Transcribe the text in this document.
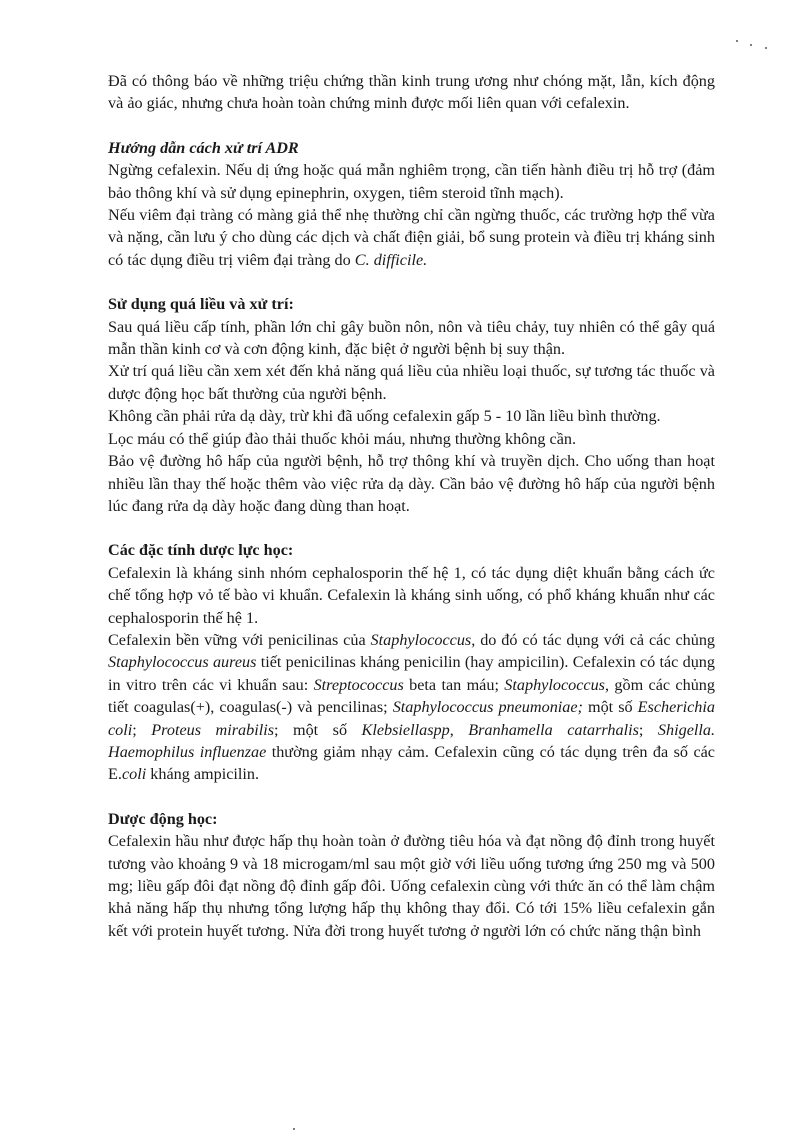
Đã có thông báo về những triệu chứng thần kinh trung ương như chóng mặt, lẫn, kích động và ảo giác, nhưng chưa hoàn toàn chứng minh được mối liên quan với cefalexin.

Hướng dẫn cách xử trí ADR

Ngừng cefalexin. Nếu dị ứng hoặc quá mẫn nghiêm trọng, cần tiến hành điều trị hỗ trợ (đảm bảo thông khí và sử dụng epinephrin, oxygen, tiêm steroid tĩnh mạch).

Nếu viêm đại tràng có màng giả thể nhẹ thường chỉ cần ngừng thuốc, các trường hợp thể vừa và nặng, cần lưu ý cho dùng các dịch và chất điện giải, bổ sung protein và điều trị kháng sinh có tác dụng điều trị viêm đại tràng do C. difficile.

Sử dụng quá liều và xử trí:

Sau quá liều cấp tính, phần lớn chỉ gây buồn nôn, nôn và tiêu chảy, tuy nhiên có thể gây quá mẫn thần kinh cơ và cơn động kinh, đặc biệt ở người bệnh bị suy thận.

Xử trí quá liều cần xem xét đến khả năng quá liều của nhiều loại thuốc, sự tương tác thuốc và dược động học bất thường của người bệnh.

Không cần phải rửa dạ dày, trừ khi đã uống cefalexin gấp 5 - 10 lần liều bình thường.

Lọc máu có thể giúp đào thải thuốc khỏi máu, nhưng thường không cần.

Bảo vệ đường hô hấp của người bệnh, hỗ trợ thông khí và truyền dịch. Cho uống than hoạt nhiều lần thay thế hoặc thêm vào việc rửa dạ dày. Cần bảo vệ đường hô hấp của người bệnh lúc đang rửa dạ dày hoặc đang dùng than hoạt.

Các đặc tính dược lực học:

Cefalexin là kháng sinh nhóm cephalosporin thế hệ 1, có tác dụng diệt khuẩn bằng cách ức chế tổng hợp vỏ tế bào vi khuẩn. Cefalexin là kháng sinh uống, có phổ kháng khuẩn như các cephalosporin thế hệ 1.

Cefalexin bền vững với penicilinas của Staphylococcus, do đó có tác dụng với cả các chủng Staphylococcus aureus tiết penicilinas kháng penicilin (hay ampicilin). Cefalexin có tác dụng in vitro trên các vi khuẩn sau: Streptococcus beta tan máu; Staphylococcus, gồm các chủng tiết coagulas(+), coagulas(-) và pencilinas; Staphylococcus pneumoniae; một số Escherichia coli; Proteus mirabilis; một số Klebsiellaspp, Branhamella catarrhalis; Shigella. Haemophilus influenzae thường giảm nhạy cảm. Cefalexin cũng có tác dụng trên đa số các E.coli kháng ampicilin.

Dược động học:

Cefalexin hầu như được hấp thụ hoàn toàn ở đường tiêu hóa và đạt nồng độ đỉnh trong huyết tương vào khoảng 9 và 18 microgam/ml sau một giờ với liều uống tương ứng 250 mg và 500 mg; liều gấp đôi đạt nồng độ đỉnh gấp đôi. Uống cefalexin cùng với thức ăn có thể làm chậm khả năng hấp thụ nhưng tổng lượng hấp thụ không thay đổi. Có tới 15% liều cefalexin gắn kết với protein huyết tương. Nửa đời trong huyết tương ở người lớn có chức năng thận bình
